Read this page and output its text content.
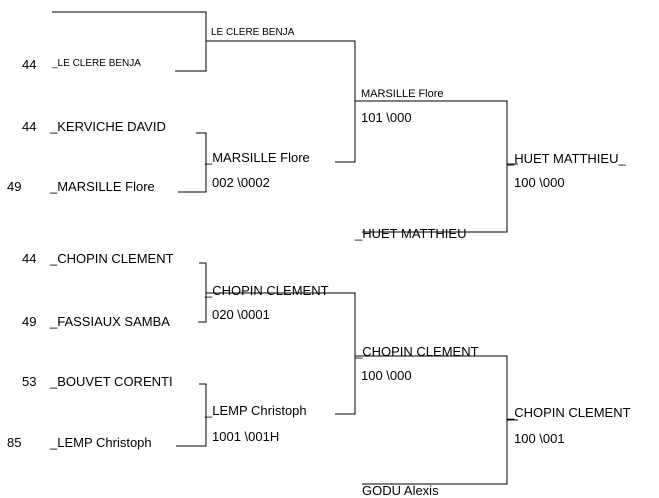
44
44
49
44
49
53
85
_LE CLERE BENJA
_KERVICHE DAVID
_MARSILLE Flore
_CHOPIN CLEMENT
_FASSIAUX SAMBA
_BOUVET CORENTI
_LEMP Christoph
LE CLERE BENJA
_MARSILLE Flore
002 \0002
_CHOPIN CLEMENT
020 \0001
_LEMP Christoph
1001 \001H
MARSILLE Flore
101 \000
_HUET MATTHIEU
_CHOPIN CLEMENT
100 \000
GODU Alexis
_HUET MATTHIEU_
100 \000
_CHOPIN CLEMENT
100 \001
